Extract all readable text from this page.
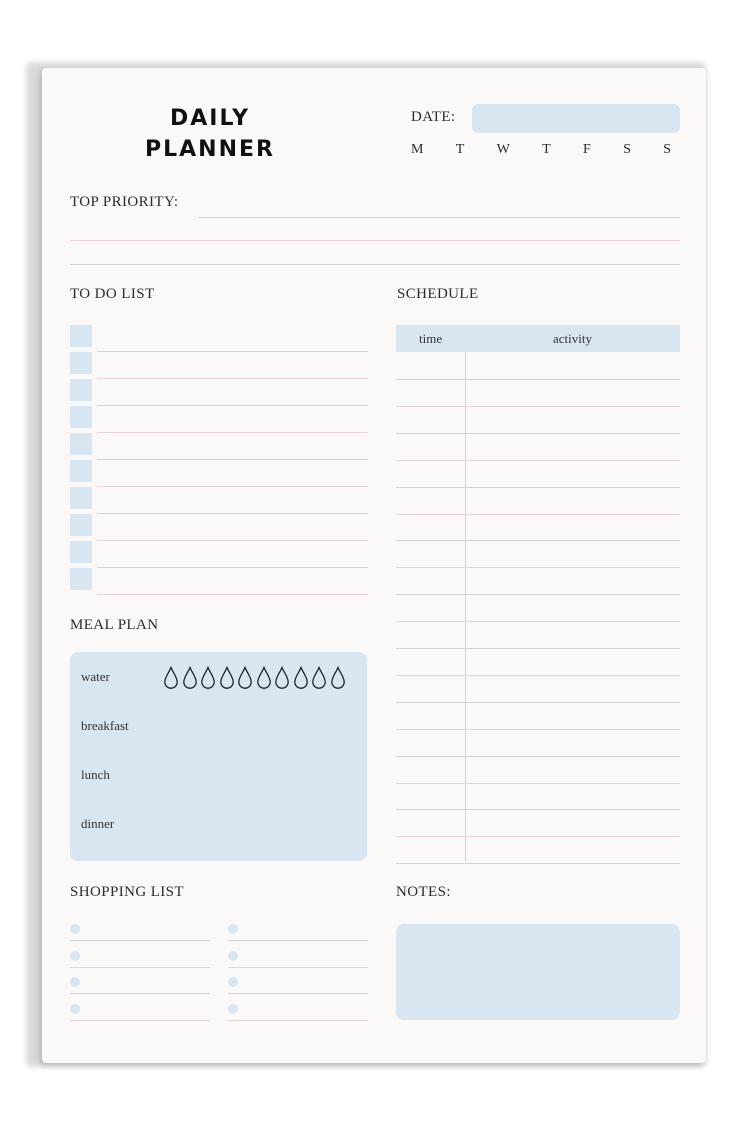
DAILY
PLANNER
DATE:
M T W T F S S
TOP PRIORITY:
TO DO LIST	SCHEDULE
time	activity
MEAL PLAN
water
breakfast
lunch
dinner
SHOPPING LIST	NOTES:
